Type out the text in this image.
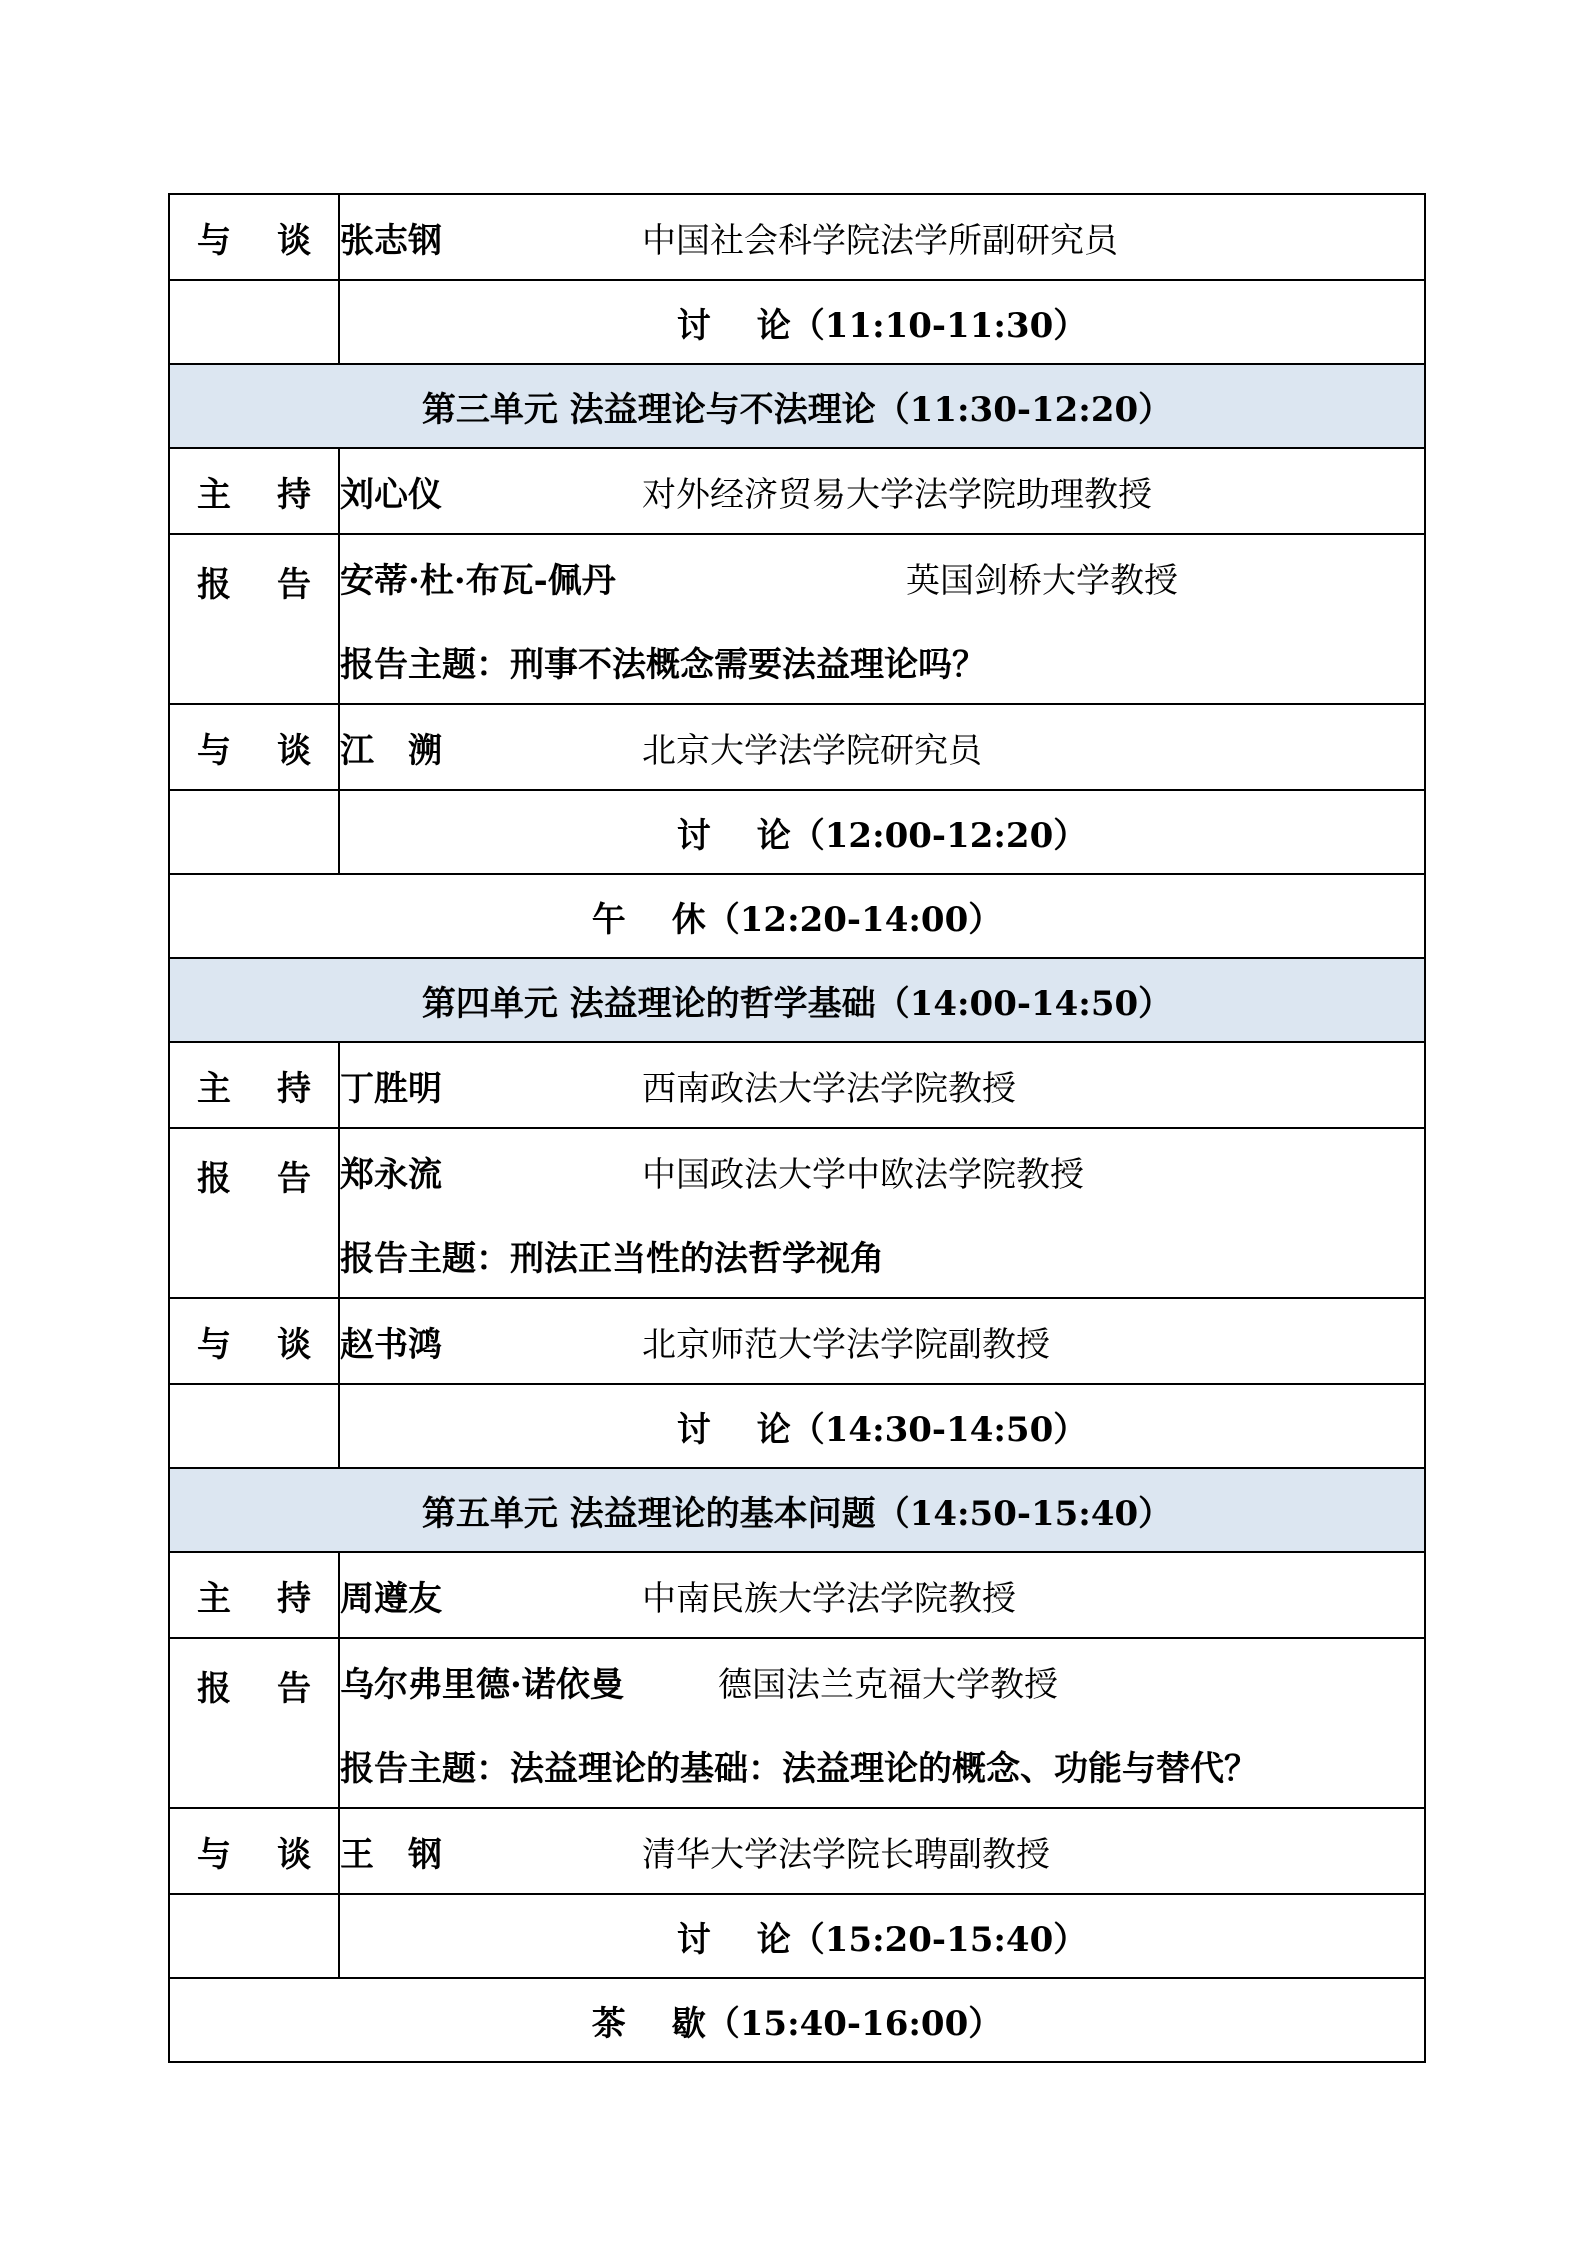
与 谈	张志钢 中国社会科学院法学所副研究员

	讨 论（11:10-11:30）
第三单元 法益理论与不法理论（11:30-12:20）	
主 持	刘心仪 对外经济贸易大学法学院助理教授

报 告	安蒂·杜·布瓦-佩丹 英国剑桥大学教授
报告主题：刑事不法概念需要法益理论吗？

与 谈	江　溯 北京大学法学院研究员

	讨 论（12:00-12:20）
午 休（12:20-14:00）	
第四单元 法益理论的哲学基础（14:00-14:50）	
主 持	丁胜明 西南政法大学法学院教授

报 告	郑永流 中国政法大学中欧法学院教授
报告主题：刑法正当性的法哲学视角

与 谈	赵书鸿 北京师范大学法学院副教授

	讨 论（14:30-14:50）
第五单元 法益理论的基本问题（14:50-15:40）	
主 持	周遵友 中南民族大学法学院教授

报 告	乌尔弗里德·诺依曼 德国法兰克福大学教授
报告主题：法益理论的基础：法益理论的概念、功能与替代？

与 谈	王　钢 清华大学法学院长聘副教授

	讨 论（15:20-15:40）
茶 歇（15:40-16:00）	
